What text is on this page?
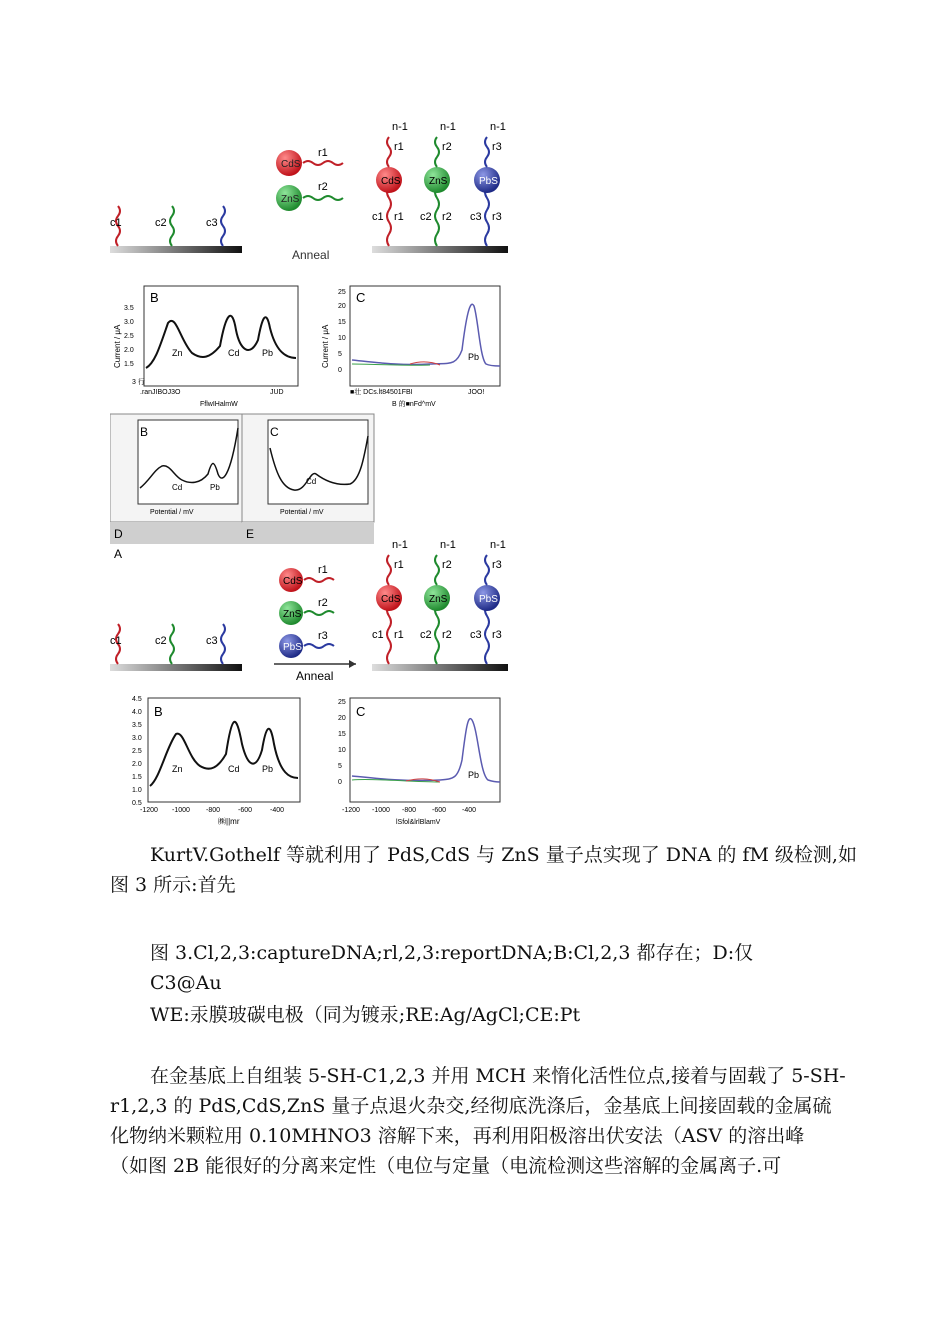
c1	c2	c3
CdS
r1
ZnS
r2
Anneal
CdS
r1
n-1
c1 r1
ZnS
r2
n-1
c2 r2
PbS
r3
n-1
c3 r3
B
Current / μA
3.5
3.0
2.5
2.0
1.5
Zn	Cd Pb
3 行
.ranJIBOJ3O	JUD
FflwIHalmW
C
Current / μA
25
20
15
10
5
0
Pb
■壮 DCs.lt84501FBI	JOO!
B 的■nFd^mV
B
Cd	Pb
Potential / mV
D
C
Cd
Potential / mV
E
A
c1	c2	c3
CdS
r1
ZnS
r2
PbS
r3
Anneal
CdS
r1
n-1
c1 r1
ZnS
r2
n-1
c2 r2
PbS
r3
n-1
c3 r3
B
4.5
4.0
3.5
3.0
2.5
2.0
1.5
1.0
0.5
-1200 -1000 -800	-600	-400
Zn	Cd Pb
㈱||mr
C
25
20
15
10
5
0
-1200 -1000 -800 -600 -400
Pb
lSfol&lrlBlamV

KurtV.Gothelf 等就利用了 PdS,CdS 与 ZnS 量子点实现了 DNA 的 fM 级检测,如
图 3 所示:首先

图 3.Cl,2,3:captureDNA;rl,2,3:reportDNA;B:Cl,2,3 都存在；D:仅 C3@Au

WE:汞膜玻碳电极（同为镀汞;RE:Ag/AgCl;CE:Pt

在金基底上自组装 5-SH-C1,2,3 并用 MCH 来惰化活性位点,接着与固载了 5-SH-
r1,2,3 的 PdS,CdS,ZnS 量子点退火杂交,经彻底洗涤后，金基底上间接固载的金属硫
化物纳米颗粒用 0.10MHNO3 溶解下来，再利用阳极溶出伏安法（ASV 的溶出峰
（如图 2B 能很好的分离来定性（电位与定量（电流检测这些溶解的金属离子.可
